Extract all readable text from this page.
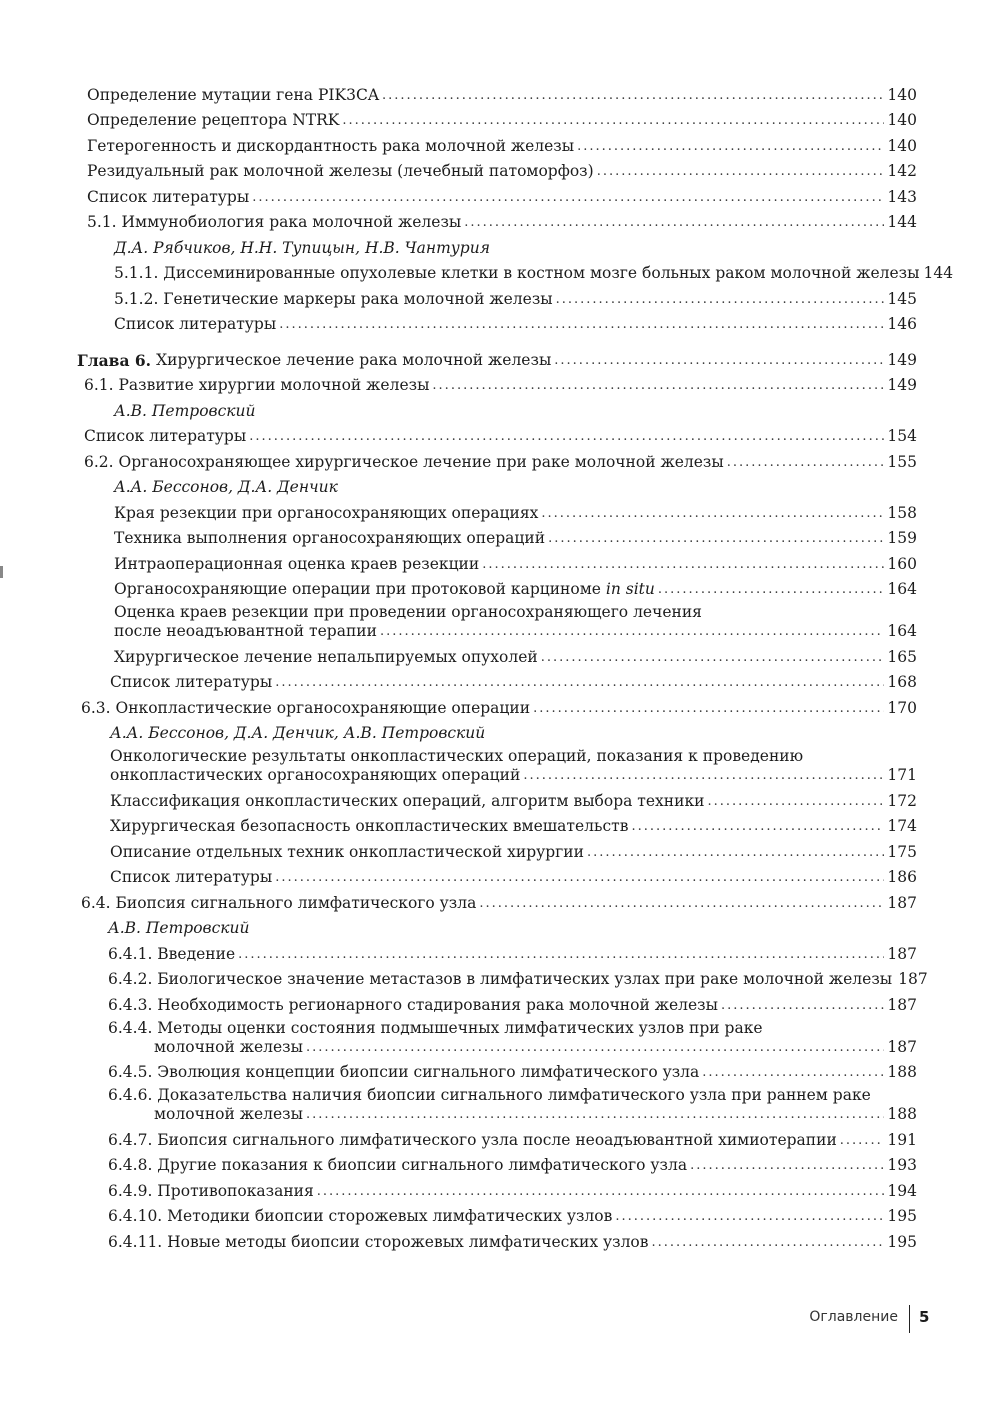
Определение мутации гена PIK3CA .....	140
Определение рецептора NTRK .....	140
Гетерогенность и дискордантность рака молочной железы .....	140
Резидуальный рак молочной железы (лечебный патоморфоз) .....	142
Список литературы .....	143
5.1. Иммунобиология рака молочной железы .....	144
Д.А. Рябчиков, Н.Н. Тупицын, Н.В. Чантурия
5.1.1. Диссеминированные опухолевые клетки в костном мозге больных раком молочной железы 144
5.1.2. Генетические маркеры рака молочной железы .....	145
Список литературы .....	146
Глава 6. Хирургическое лечение рака молочной железы .....	149
6.1. Развитие хирургии молочной железы .....	149
А.В. Петровский
Список литературы .....	154
6.2. Органосохраняющее хирургическое лечение при раке молочной железы .....	155
А.А. Бессонов, Д.А. Денчик
Края резекции при органосохраняющих операциях .....	158
Техника выполнения органосохраняющих операций .....	159
Интраоперационная оценка краев резекции .....	160
Органосохраняющие операции при протоковой карциноме
in situ .....	164
Оценка краев резекции при проведении органосохраняющего лечения
после неоадъювантной терапии .....	164
Хирургическое лечение непальпируемых опухолей .....	165
Список литературы .....	168
6.3. Онкопластические органосохраняющие операции .....	170
А.А. Бессонов, Д.А. Денчик, А.В. Петровский
Онкологические результаты онкопластических операций, показания к проведению
онкопластических органосохраняющих операций .....	171
Классификация онкопластических операций, алгоритм выбора техники .....	172
Хирургическая безопасность онкопластических вмешательств .....	174
Описание отдельных техник онкопластической хирургии .....	175
Список литературы .....	186
6.4. Биопсия сигнального лимфатического узла .....	187
А.В. Петровский
6.4.1. Введение .....	187
6.4.2. Биологическое значение метастазов в лимфатических узлах при раке молочной железы 187
6.4.3. Необходимость регионарного стадирования рака молочной железы .....	187
6.4.4. Методы оценки состояния подмышечных лимфатических узлов при раке
молочной железы .....	187
6.4.5. Эволюция концепции биопсии сигнального лимфатического узла .....	188
6.4.6. Доказательства наличия биопсии сигнального лимфатического узла при раннем раке
молочной железы .....	188
6.4.7. Биопсия сигнального лимфатического узла после неоадъювантной химиотерапии .....	191
6.4.8. Другие показания к биопсии сигнального лимфатического узла .....	193
6.4.9. Противопоказания .....	194
6.4.10. Методики биопсии сторожевых лимфатических узлов .....	195
6.4.11. Новые методы биопсии сторожевых лимфатических узлов .....	195
Оглавление 5
